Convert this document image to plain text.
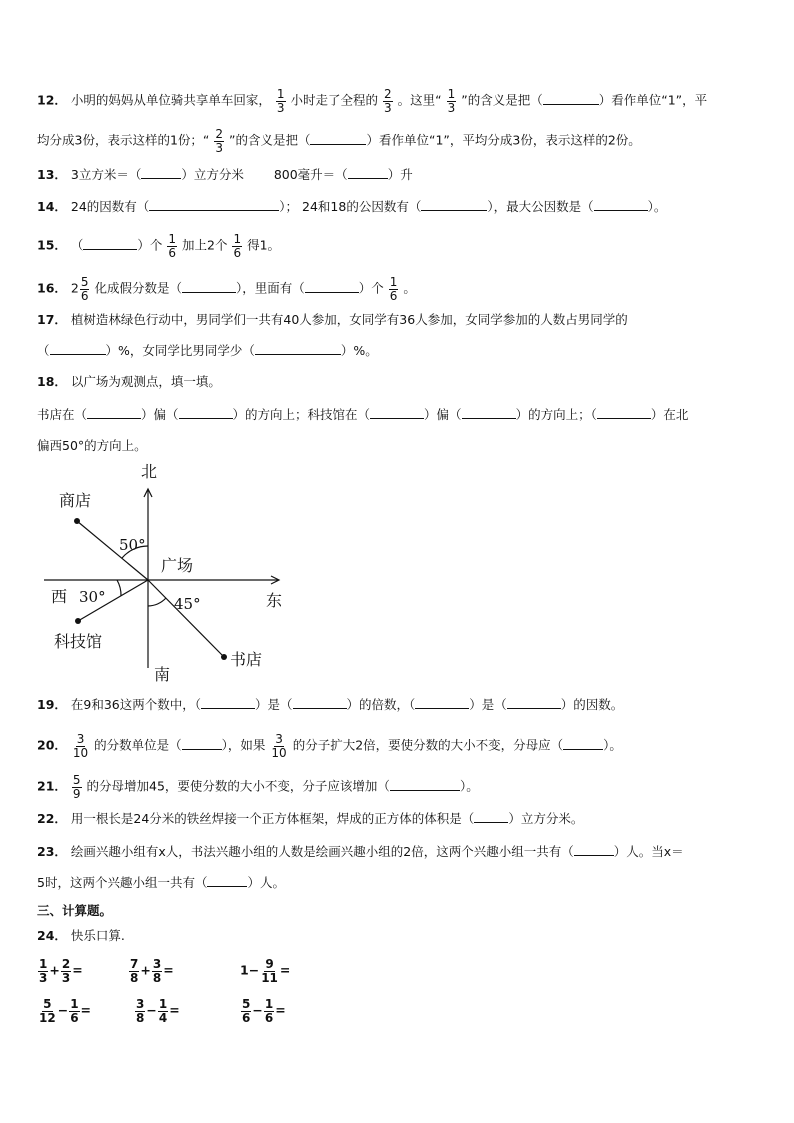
12． 小明的妈妈从单位骑共享单车回家， $\frac{1}{3}$ 小时走了全程的 $\frac{2}{3}$ 。这里“ $\frac{1}{3}$ ”的含义是把（	）看作单位“1”，平
均分成3份，表示这样的1份；“ $\frac{2}{3}$ ”的含义是把（	）看作单位“1”，平均分成3份，表示这样的2份。
13． 3立方米＝（	）立方分米 800毫升＝（	）升
14． 24的因数有（	）； 24和18的公因数有（	），最大公因数是（	）。
15． （	）个 $\frac{1}{6}$ 加上2个 $\frac{1}{6}$ 得1。
16． $2 \frac{5}{6}$ 化成假分数是（	），里面有（	）个 $\frac{1}{6}$ 。
17． 植树造林绿色行动中，男同学们一共有40人参加，女同学有36人参加，女同学参加的人数占男同学的
（	）%，女同学比男同学少（	）%。
18． 以广场为观测点，填一填。
书店在（	）偏（	）的方向上；科技馆在（	）偏（	）的方向上；（	）在北
偏西50°的方向上。
北
南
东
西
商店
广场
科技馆
书店
50°
30°	45°
19． 在9和36这两个数中，（	）是（	）的倍数，（	）是（	）的因数。
20． $\frac{3}{10}$ 的分数单位是（	），如果 $\frac{3}{10}$ 的分子扩大2倍，要使分数的大小不变，分母应（	）。
21． $\frac{5}{9}$ 的分母增加45，要使分数的大小不变，分子应该增加（	）。
22． 用一根长是24分米的铁丝焊接一个正方体框架，焊成的正方体的体积是（	）立方分米。
23． 绘画兴趣小组有x人，书法兴趣小组的人数是绘画兴趣小组的2倍，这两个兴趣小组一共有（	）人。当x＝
5时，这两个兴趣小组一共有（	）人。
三、计算题。
24． 快乐口算.
$\frac{1}{3} + \frac{2}{3}$ =	$\frac{7}{8} + \frac{3}{8}$ =	$1- \frac{9}{11}$ =
$\frac{5}{12} - \frac{1}{6}$ =	$\frac{3}{8} - \frac{1}{4}$ =	$\frac{5}{6} - \frac{1}{6}$ =
